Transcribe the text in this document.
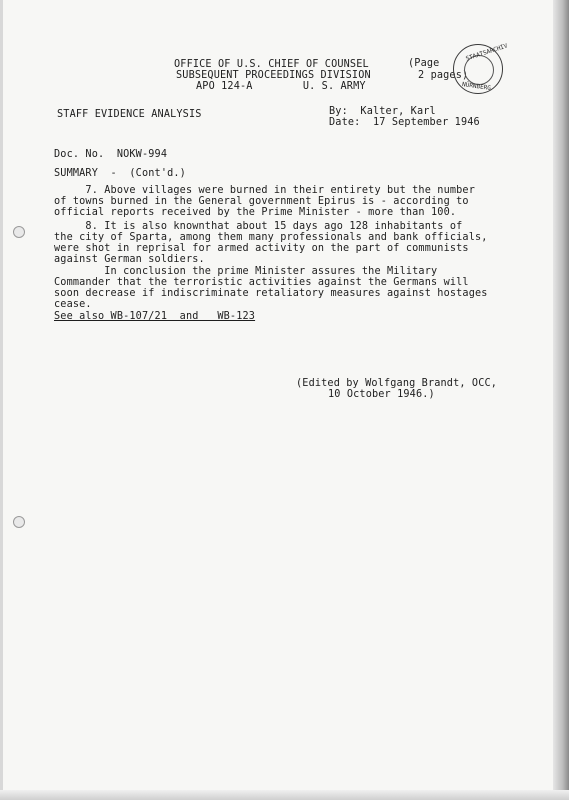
OFFICE OF U.S. CHIEF OF COUNSEL
SUBSEQUENT PROCEEDINGS DIVISION
APO 124-A        U. S. ARMY
(Page
2 pages)
STAATSARCHIV
NÜRNBERG
STAFF EVIDENCE ANALYSIS	By:  Kalter, Karl
Date:  17 September 1946
Doc. No.  NOKW-994
SUMMARY  -  (Cont'd.)
7. Above villages were burned in their entirety but the number
of towns burned in the General government Epirus is - according to
official reports received by the Prime Minister - more than 100.
8. It is also knownthat about 15 days ago 128 inhabitants of
the city of Sparta, among them many professionals and bank officials,
were shot in reprisal for armed activity on the part of communists
against German soldiers.
In conclusion the prime Minister assures the Military
Commander that the terroristic activities against the Germans will
soon decrease if indiscriminate retaliatory measures against hostages
cease.
See also WB-107/21  and   WB-123
(Edited by Wolfgang Brandt, OCC,
10 October 1946.)
